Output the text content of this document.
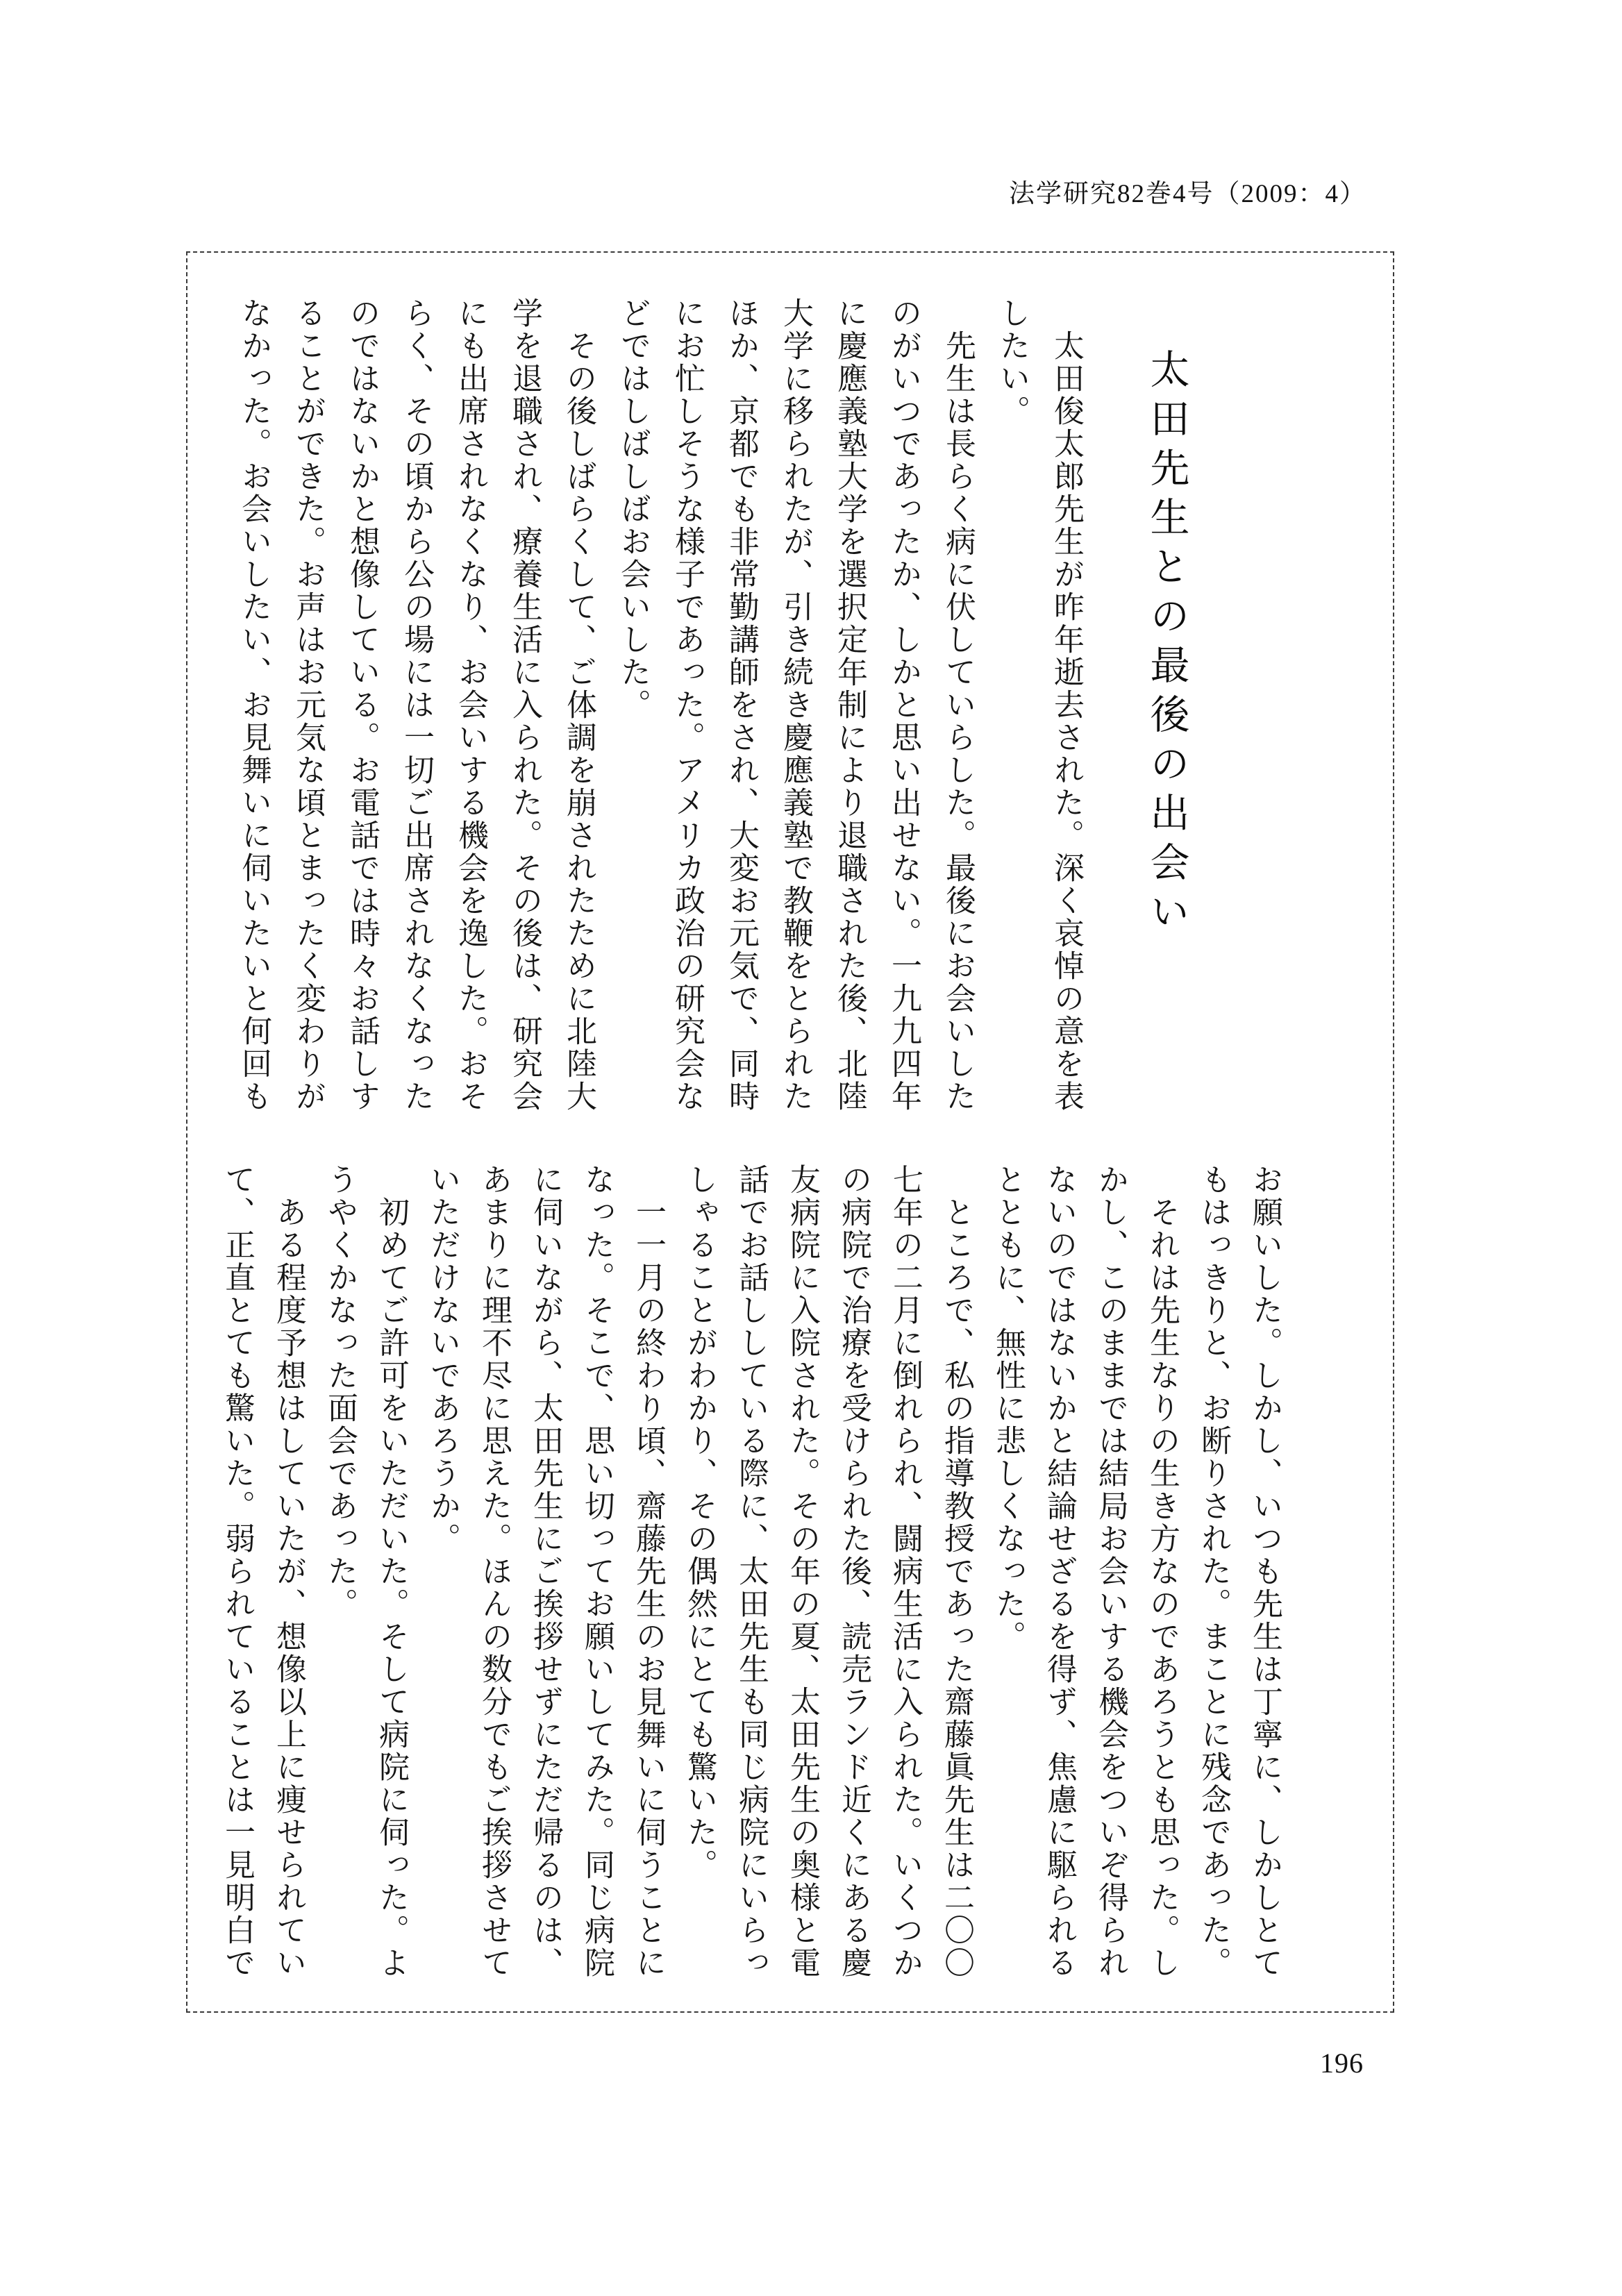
法学研究82巻4号（2009：4）
太田先生との最後の出会い
　太田俊太郎先生が昨年逝去された。深く哀悼の意を表
したい。
　先生は長らく病に伏していらした。最後にお会いした
のがいつであったか、しかと思い出せない。一九九四年
に慶應義塾大学を選択定年制により退職された後、北陸
大学に移られたが、引き続き慶應義塾で教鞭をとられた
ほか、京都でも非常勤講師をされ、大変お元気で、同時
にお忙しそうな様子であった。アメリカ政治の研究会な
どではしばしばお会いした。
　その後しばらくして、ご体調を崩されたために北陸大
学を退職され、療養生活に入られた。その後は、研究会
にも出席されなくなり、お会いする機会を逸した。おそ
らく、その頃から公の場には一切ご出席されなくなった
のではないかと想像している。お電話では時々お話しす
ることができた。お声はお元気な頃とまったく変わりが
なかった。お会いしたい、お見舞いに伺いたいと何回も
お願いした。しかし、いつも先生は丁寧に、しかしとて
もはっきりと、お断りされた。まことに残念であった。
　それは先生なりの生き方なのであろうとも思った。し
かし、このままでは結局お会いする機会をついぞ得られ
ないのではないかと結論せざるを得ず、焦慮に駆られる
とともに、無性に悲しくなった。
　ところで、私の指導教授であった齋藤眞先生は二〇〇
七年の二月に倒れられ、闘病生活に入られた。いくつか
の病院で治療を受けられた後、読売ランド近くにある慶
友病院に入院された。その年の夏、太田先生の奥様と電
話でお話ししている際に、太田先生も同じ病院にいらっ
しゃることがわかり、その偶然にとても驚いた。
　一一月の終わり頃、齋藤先生のお見舞いに伺うことに
なった。そこで、思い切ってお願いしてみた。同じ病院
に伺いながら、太田先生にご挨拶せずにただ帰るのは、
あまりに理不尽に思えた。ほんの数分でもご挨拶させて
いただけないであろうか。
　初めてご許可をいただいた。そして病院に伺った。よ
うやくかなった面会であった。
　ある程度予想はしていたが、想像以上に痩せられてい
て、正直とても驚いた。弱られていることは一見明白で
196
